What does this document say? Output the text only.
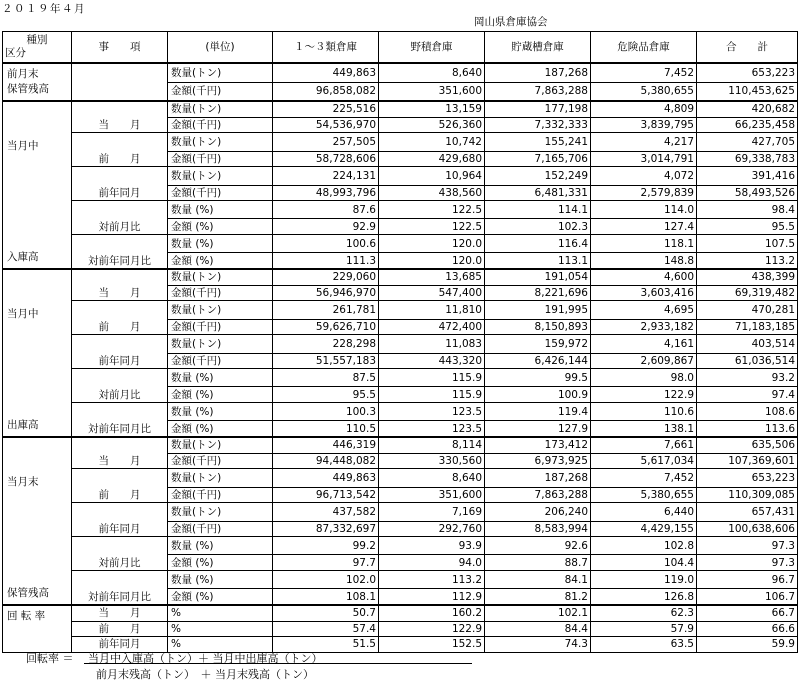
２０１９年４月
岡山県倉庫協会
種別
区分	事　　項	(単位)	１～３類倉庫	野積倉庫	貯蔵槽倉庫	危険品倉庫	合　　計

前月末
保管残高		数量(トン)	449,863	8,640	187,268	7,452	653,223
		金額(千円)	96,858,082	351,600	7,863,288	5,380,655	110,453,625

当月中
入庫高	当　　月	数量(トン)	225,516	13,159	177,198	4,809	420,682
		金額(千円)	54,536,970	526,360	7,332,333	3,839,795	66,235,458
	前　　月	数量(トン)	257,505	10,742	155,241	4,217	427,705
		金額(千円)	58,728,606	429,680	7,165,706	3,014,791	69,338,783
	前年同月	数量(トン)	224,131	10,964	152,249	4,072	391,416
		金額(千円)	48,993,796	438,560	6,481,331	2,579,839	58,493,526
	対前月比	数量 (%)	87.6	122.5	114.1	114.0	98.4
		金額 (%)	92.9	122.5	102.3	127.4	95.5
	対前年同月比	数量 (%)	100.6	120.0	116.4	118.1	107.5
		金額 (%)	111.3	120.0	113.1	148.8	113.2

当月中
出庫高	当　　月	数量(トン)	229,060	13,685	191,054	4,600	438,399
		金額(千円)	56,946,970	547,400	8,221,696	3,603,416	69,319,482
	前　　月	数量(トン)	261,781	11,810	191,995	4,695	470,281
		金額(千円)	59,626,710	472,400	8,150,893	2,933,182	71,183,185
	前年同月	数量(トン)	228,298	11,083	159,972	4,161	403,514
		金額(千円)	51,557,183	443,320	6,426,144	2,609,867	61,036,514
	対前月比	数量 (%)	87.5	115.9	99.5	98.0	93.2
		金額 (%)	95.5	115.9	100.9	122.9	97.4
	対前年同月比	数量 (%)	100.3	123.5	119.4	110.6	108.6
		金額 (%)	110.5	123.5	127.9	138.1	113.6

当月末
保管残高	当　　月	数量(トン)	446,319	8,114	173,412	7,661	635,506
		金額(千円)	94,448,082	330,560	6,973,925	5,617,034	107,369,601
	前　　月	数量(トン)	449,863	8,640	187,268	7,452	653,223
		金額(千円)	96,713,542	351,600	7,863,288	5,380,655	110,309,085
	前年同月	数量(トン)	437,582	7,169	206,240	6,440	657,431
		金額(千円)	87,332,697	292,760	8,583,994	4,429,155	100,638,606
	対前月比	数量 (%)	99.2	93.9	92.6	102.8	97.3
		金額 (%)	97.7	94.0	88.7	104.4	97.3
	対前年同月比	数量 (%)	102.0	113.2	84.1	119.0	96.7
		金額 (%)	108.1	112.9	81.2	126.8	106.7

回 転 率	当　　月	%	50.7	160.2	102.1	62.3	66.7
	前　　月	%	57.4	122.9	84.4	57.9	66.6
	前年同月	%	51.5	152.5	74.3	63.5	59.9
回転率 ＝ 当月中入庫高（トン）＋ 当月中出庫高（トン）
前月末残高（トン）　＋ 当月末残高（トン）
